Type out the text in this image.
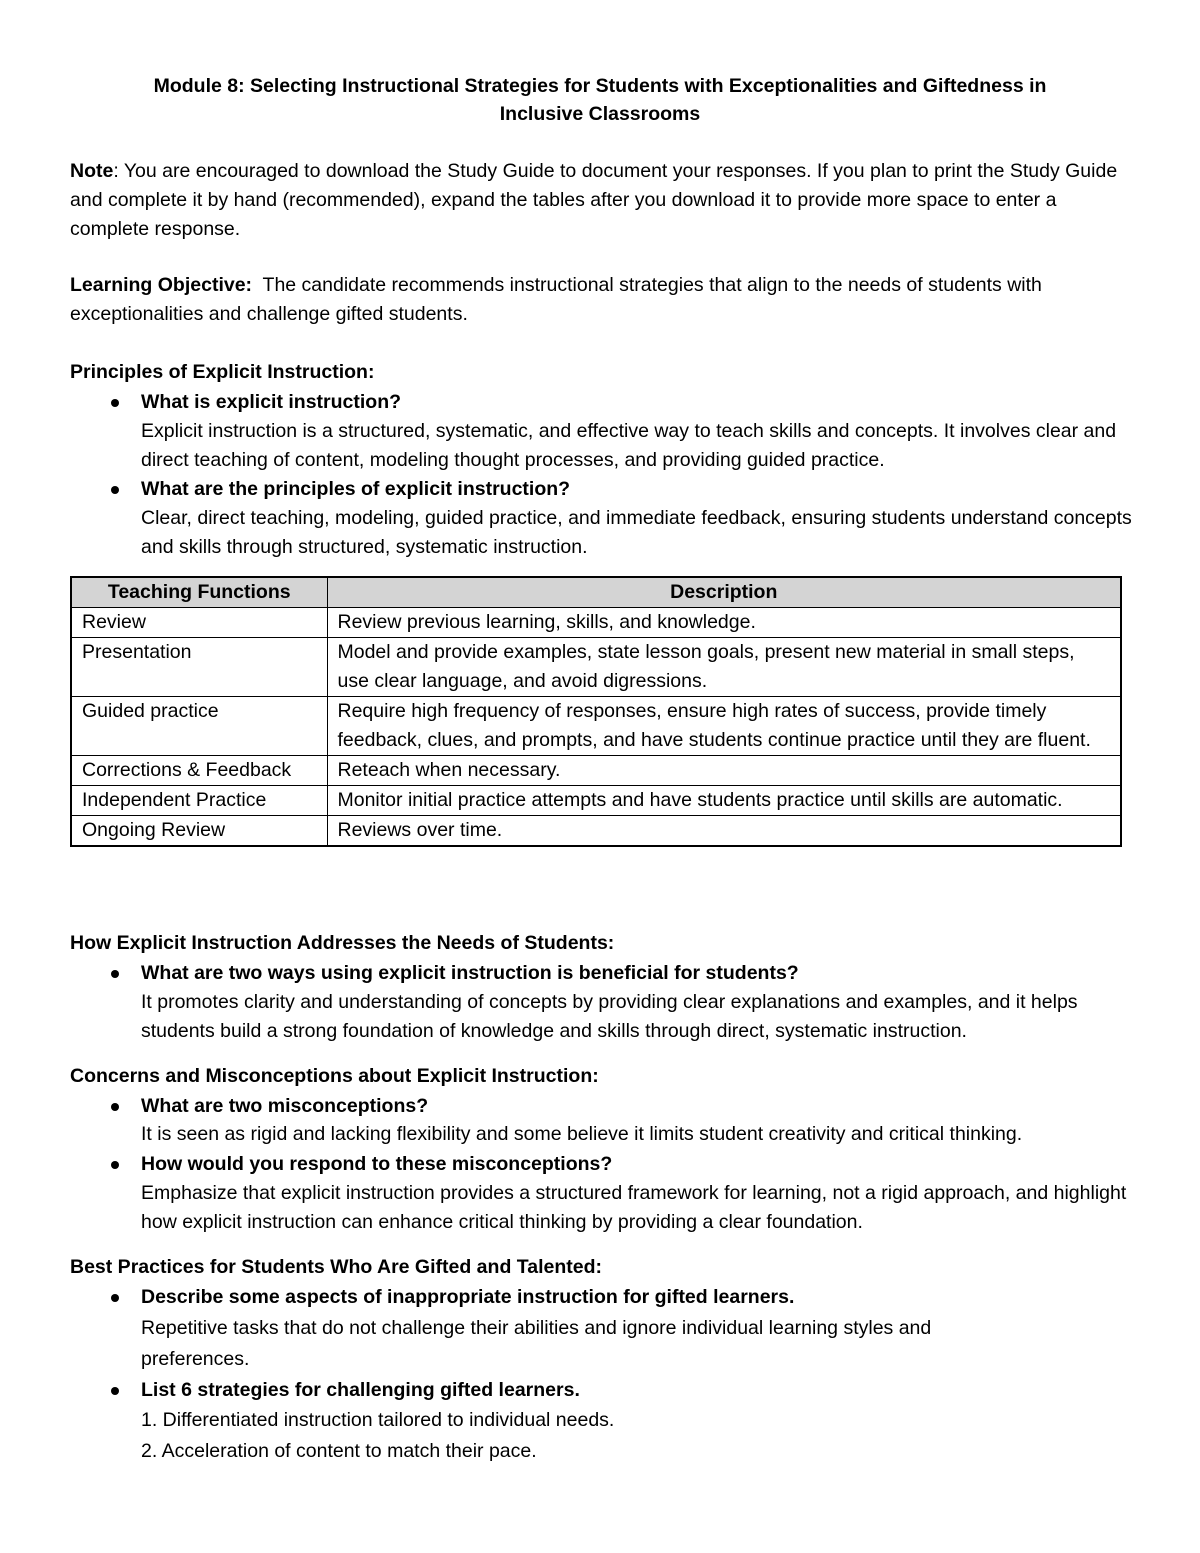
Module 8: Selecting Instructional Strategies for Students with Exceptionalities and Giftedness in
Inclusive Classrooms
Note: You are encouraged to download the Study Guide to document your responses. If you plan to print the Study Guide and complete it by hand (recommended), expand the tables after you download it to provide more space to enter a complete response.
Learning Objective:  The candidate recommends instructional strategies that align to the needs of students with exceptionalities and challenge gifted students.
Principles of Explicit Instruction:
What is explicit instruction?
Explicit instruction is a structured, systematic, and effective way to teach skills and concepts. It involves clear and direct teaching of content, modeling thought processes, and providing guided practice.
What are the principles of explicit instruction?
Clear, direct teaching, modeling, guided practice, and immediate feedback, ensuring students understand concepts and skills through structured, systematic instruction.
Teaching Functions	Description
Review	Review previous learning, skills, and knowledge.
Presentation	Model and provide examples, state lesson goals, present new material in small steps, use clear language, and avoid digressions.
Guided practice	Require high frequency of responses, ensure high rates of success, provide timely feedback, clues, and prompts, and have students continue practice until they are fluent.
Corrections & Feedback	Reteach when necessary.
Independent Practice	Monitor initial practice attempts and have students practice until skills are automatic.
Ongoing Review	Reviews over time.
How Explicit Instruction Addresses the Needs of Students:
What are two ways using explicit instruction is beneficial for students?
It promotes clarity and understanding of concepts by providing clear explanations and examples, and it helps students build a strong foundation of knowledge and skills through direct, systematic instruction.
Concerns and Misconceptions about Explicit Instruction:
What are two misconceptions?
It is seen as rigid and lacking flexibility and some believe it limits student creativity and critical thinking.
How would you respond to these misconceptions?
Emphasize that explicit instruction provides a structured framework for learning, not a rigid approach, and highlight how explicit instruction can enhance critical thinking by providing a clear foundation.
Best Practices for Students Who Are Gifted and Talented:
Describe some aspects of inappropriate instruction for gifted learners.
Repetitive tasks that do not challenge their abilities and ignore individual learning styles and preferences.
List 6 strategies for challenging gifted learners.
1. Differentiated instruction tailored to individual needs.
2. Acceleration of content to match their pace.
